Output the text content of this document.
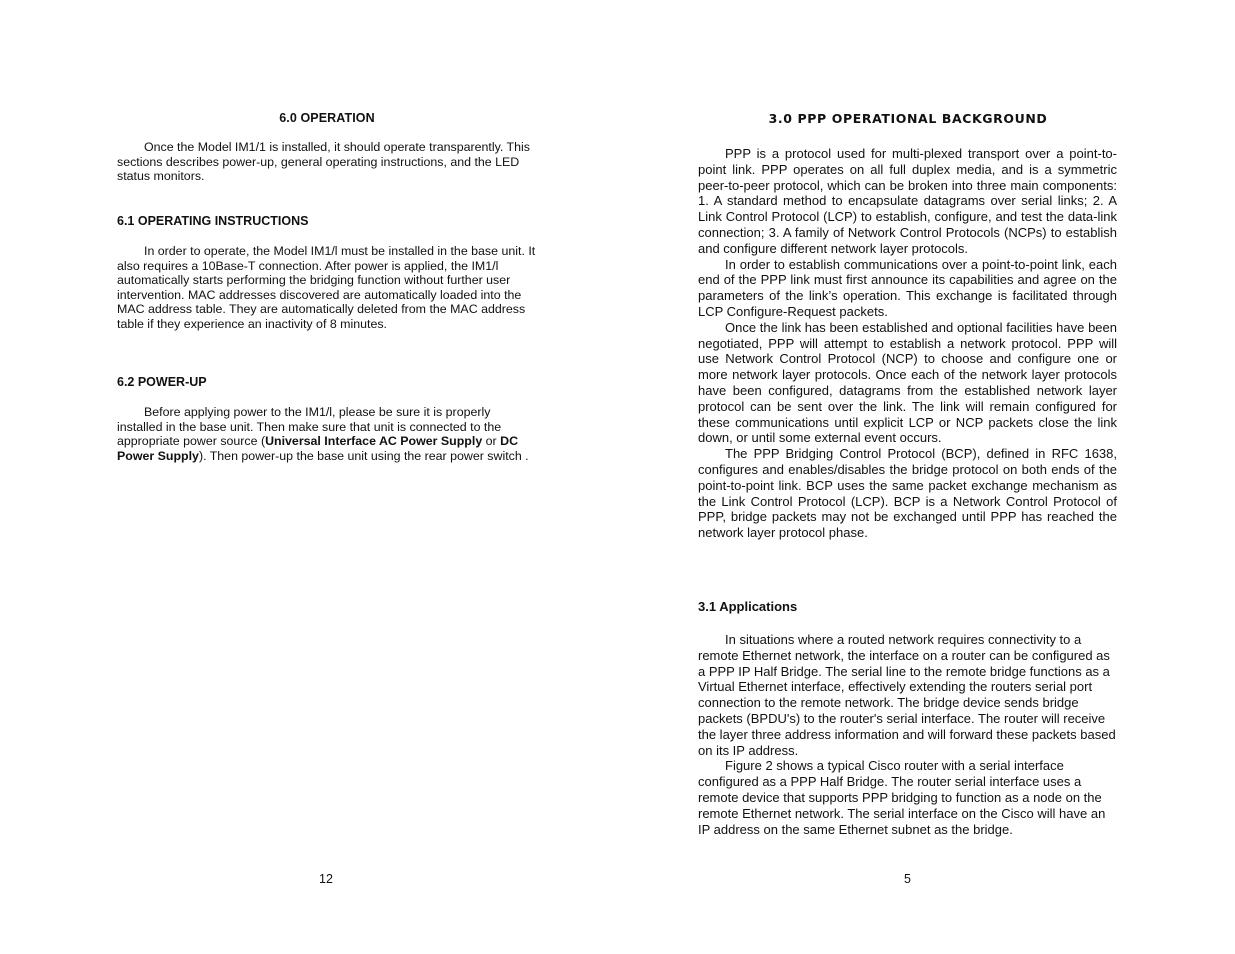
6.0 OPERATION

Once the Model IM1/1 is installed, it should operate transparently. This sections describes power-up, general operating instructions, and the LED status monitors.

6.1 OPERATING INSTRUCTIONS

In order to operate, the Model IM1/l must be installed in the base unit. It also requires a 10Base-T connection. After power is applied, the IM1/l automatically starts performing the bridging function without further user intervention. MAC addresses discovered are automatically loaded into the MAC address table. They are automatically deleted from the MAC address table if they experience an inactivity of 8 minutes.

6.2 POWER-UP

Before applying power to the IM1/l, please be sure it is properly installed in the base unit. Then make sure that unit is connected to the appropriate power source (Universal Interface AC Power Supply or DC Power Supply). Then power-up the base unit using the rear power switch .

12
3.0 PPP OPERATIONAL BACKGROUND

PPP is a protocol used for multi-plexed transport over a point-to-point link. PPP operates on all full duplex media, and is a symmetric peer-to-peer protocol, which can be broken into three main components: 1. A standard method to encapsulate datagrams over serial links; 2. A Link Control Protocol (LCP) to establish, configure, and test the data-link connection; 3. A family of Network Control Protocols (NCPs) to establish and configure different network layer protocols.

In order to establish communications over a point-to-point link, each end of the PPP link must first announce its capabilities and agree on the parameters of the link’s operation. This exchange is facilitated through LCP Configure-Request packets.

Once the link has been established and optional facilities have been negotiated, PPP will attempt to establish a network protocol. PPP will use Network Control Protocol (NCP) to choose and configure one or more network layer protocols. Once each of the network layer protocols have been configured, datagrams from the established network layer protocol can be sent over the link. The link will remain configured for these communications until explicit LCP or NCP packets close the link down, or until some external event occurs.

The PPP Bridging Control Protocol (BCP), defined in RFC 1638, configures and enables/disables the bridge protocol on both ends of the point-to-point link. BCP uses the same packet exchange mechanism as the Link Control Protocol (LCP). BCP is a Network Control Protocol of PPP, bridge packets may not be exchanged until PPP has reached the network layer protocol phase.

3.1 Applications

In situations where a routed network requires connectivity to a remote Ethernet network, the interface on a router can be configured as a PPP IP Half Bridge. The serial line to the remote bridge functions as a Virtual Ethernet interface, effectively extending the routers serial port connection to the remote network. The bridge device sends bridge packets (BPDU's) to the router's serial interface. The router will receive the layer three address information and will forward these packets based on its IP address.

Figure 2 shows a typical Cisco router with a serial interface configured as a PPP Half Bridge. The router serial interface uses a remote device that supports PPP bridging to function as a node on the remote Ethernet network. The serial interface on the Cisco will have an IP address on the same Ethernet subnet as the bridge.

5
